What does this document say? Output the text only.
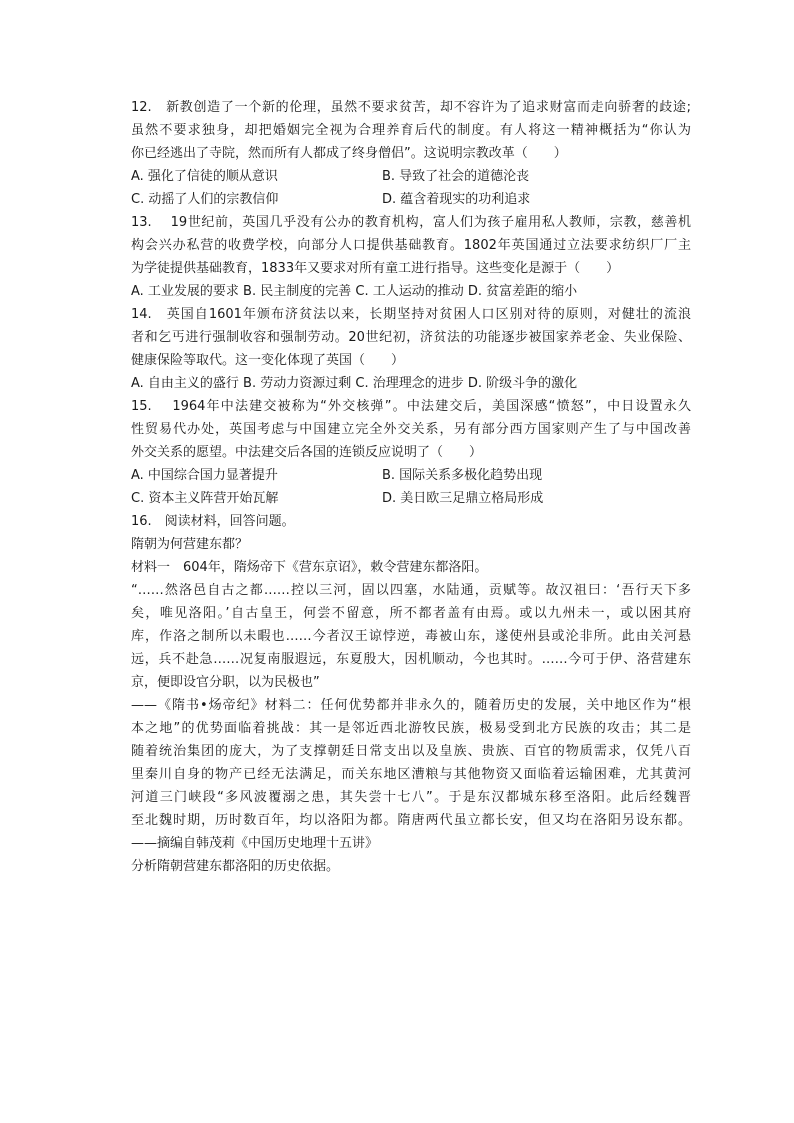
12.　新教创造了一个新的伦理，虽然不要求贫苦，却不容许为了追求财富而走向骄奢的歧途;
虽然不要求独身，却把婚姻完全视为合理养育后代的制度。有人将这一精神概括为“你认为
你已经逃出了寺院，然而所有人都成了终身僧侣”。这说明宗教改革（　　）
A. 强化了信徒的顺从意识	B. 导致了社会的道德沦丧
C. 动摇了人们的宗教信仰	D. 蕴含着现实的功利追求
13.　 19世纪前，英国几乎没有公办的教育机构，富人们为孩子雇用私人教师，宗教，慈善机
构会兴办私营的收费学校，向部分人口提供基础教育。1802年英国通过立法要求纺织厂厂主
为学徒提供基础教育，1833年又要求对所有童工进行指导。这些变化是源于（　　）
A. 工业发展的要求 B. 民主制度的完善 C. 工人运动的推动 D. 贫富差距的缩小
14.　英国自1601年颁布济贫法以来，长期坚持对贫困人口区别对待的原则，对健壮的流浪
者和乞丐进行强制收容和强制劳动。20世纪初，济贫法的功能逐步被国家养老金、失业保险、
健康保险等取代。这一变化体现了英国（　　）
A. 自由主义的盛行 B. 劳动力资源过剩 C. 治理理念的进步 D. 阶级斗争的激化
15.　 1964年中法建交被称为“外交核弹”。中法建交后，美国深感“愤怒”，中日设置永久
性贸易代办处，英国考虑与中国建立完全外交关系，另有部分西方国家则产生了与中国改善
外交关系的愿望。中法建交后各国的连锁反应说明了（　　）
A. 中国综合国力显著提升	B. 国际关系多极化趋势出现
C. 资本主义阵营开始瓦解	D. 美日欧三足鼎立格局形成
16.　阅读材料，回答问题。
隋朝为何营建东都？
材料一　604年，隋炀帝下《营东京诏》，敕令营建东都洛阳。
“……然洛邑自古之都……控以三河，固以四塞，水陆通，贡赋等。故汉祖曰：‘吾行天下多
矣，唯见洛阳。’自古皇王，何尝不留意，所不都者盖有由焉。或以九州未一，或以困其府
库，作洛之制所以未暇也……今者汉王谅悖逆，毒被山东，遂使州县或沦非所。此由关河悬
远，兵不赴急……况复南服遐远，东夏殷大，因机顺动，今也其时。……今可于伊、洛营建东
京，便即设官分职，以为民极也”
——《隋书•炀帝纪》材料二：任何优势都并非永久的，随着历史的发展，关中地区作为“根
本之地”的优势面临着挑战：其一是邻近西北游牧民族，极易受到北方民族的攻击；其二是
随着统治集团的庞大，为了支撑朝廷日常支出以及皇族、贵族、百官的物质需求，仅凭八百
里秦川自身的物产已经无法满足，而关东地区漕粮与其他物资又面临着运输困难，尤其黄河
河道三门峡段“多风波覆溺之患，其失尝十七八”。于是东汉都城东移至洛阳。此后经魏晋
至北魏时期，历时数百年，均以洛阳为都。隋唐两代虽立都长安，但又均在洛阳另设东都。
——摘编自韩茂莉《中国历史地理十五讲》
分析隋朝营建东都洛阳的历史依据。
